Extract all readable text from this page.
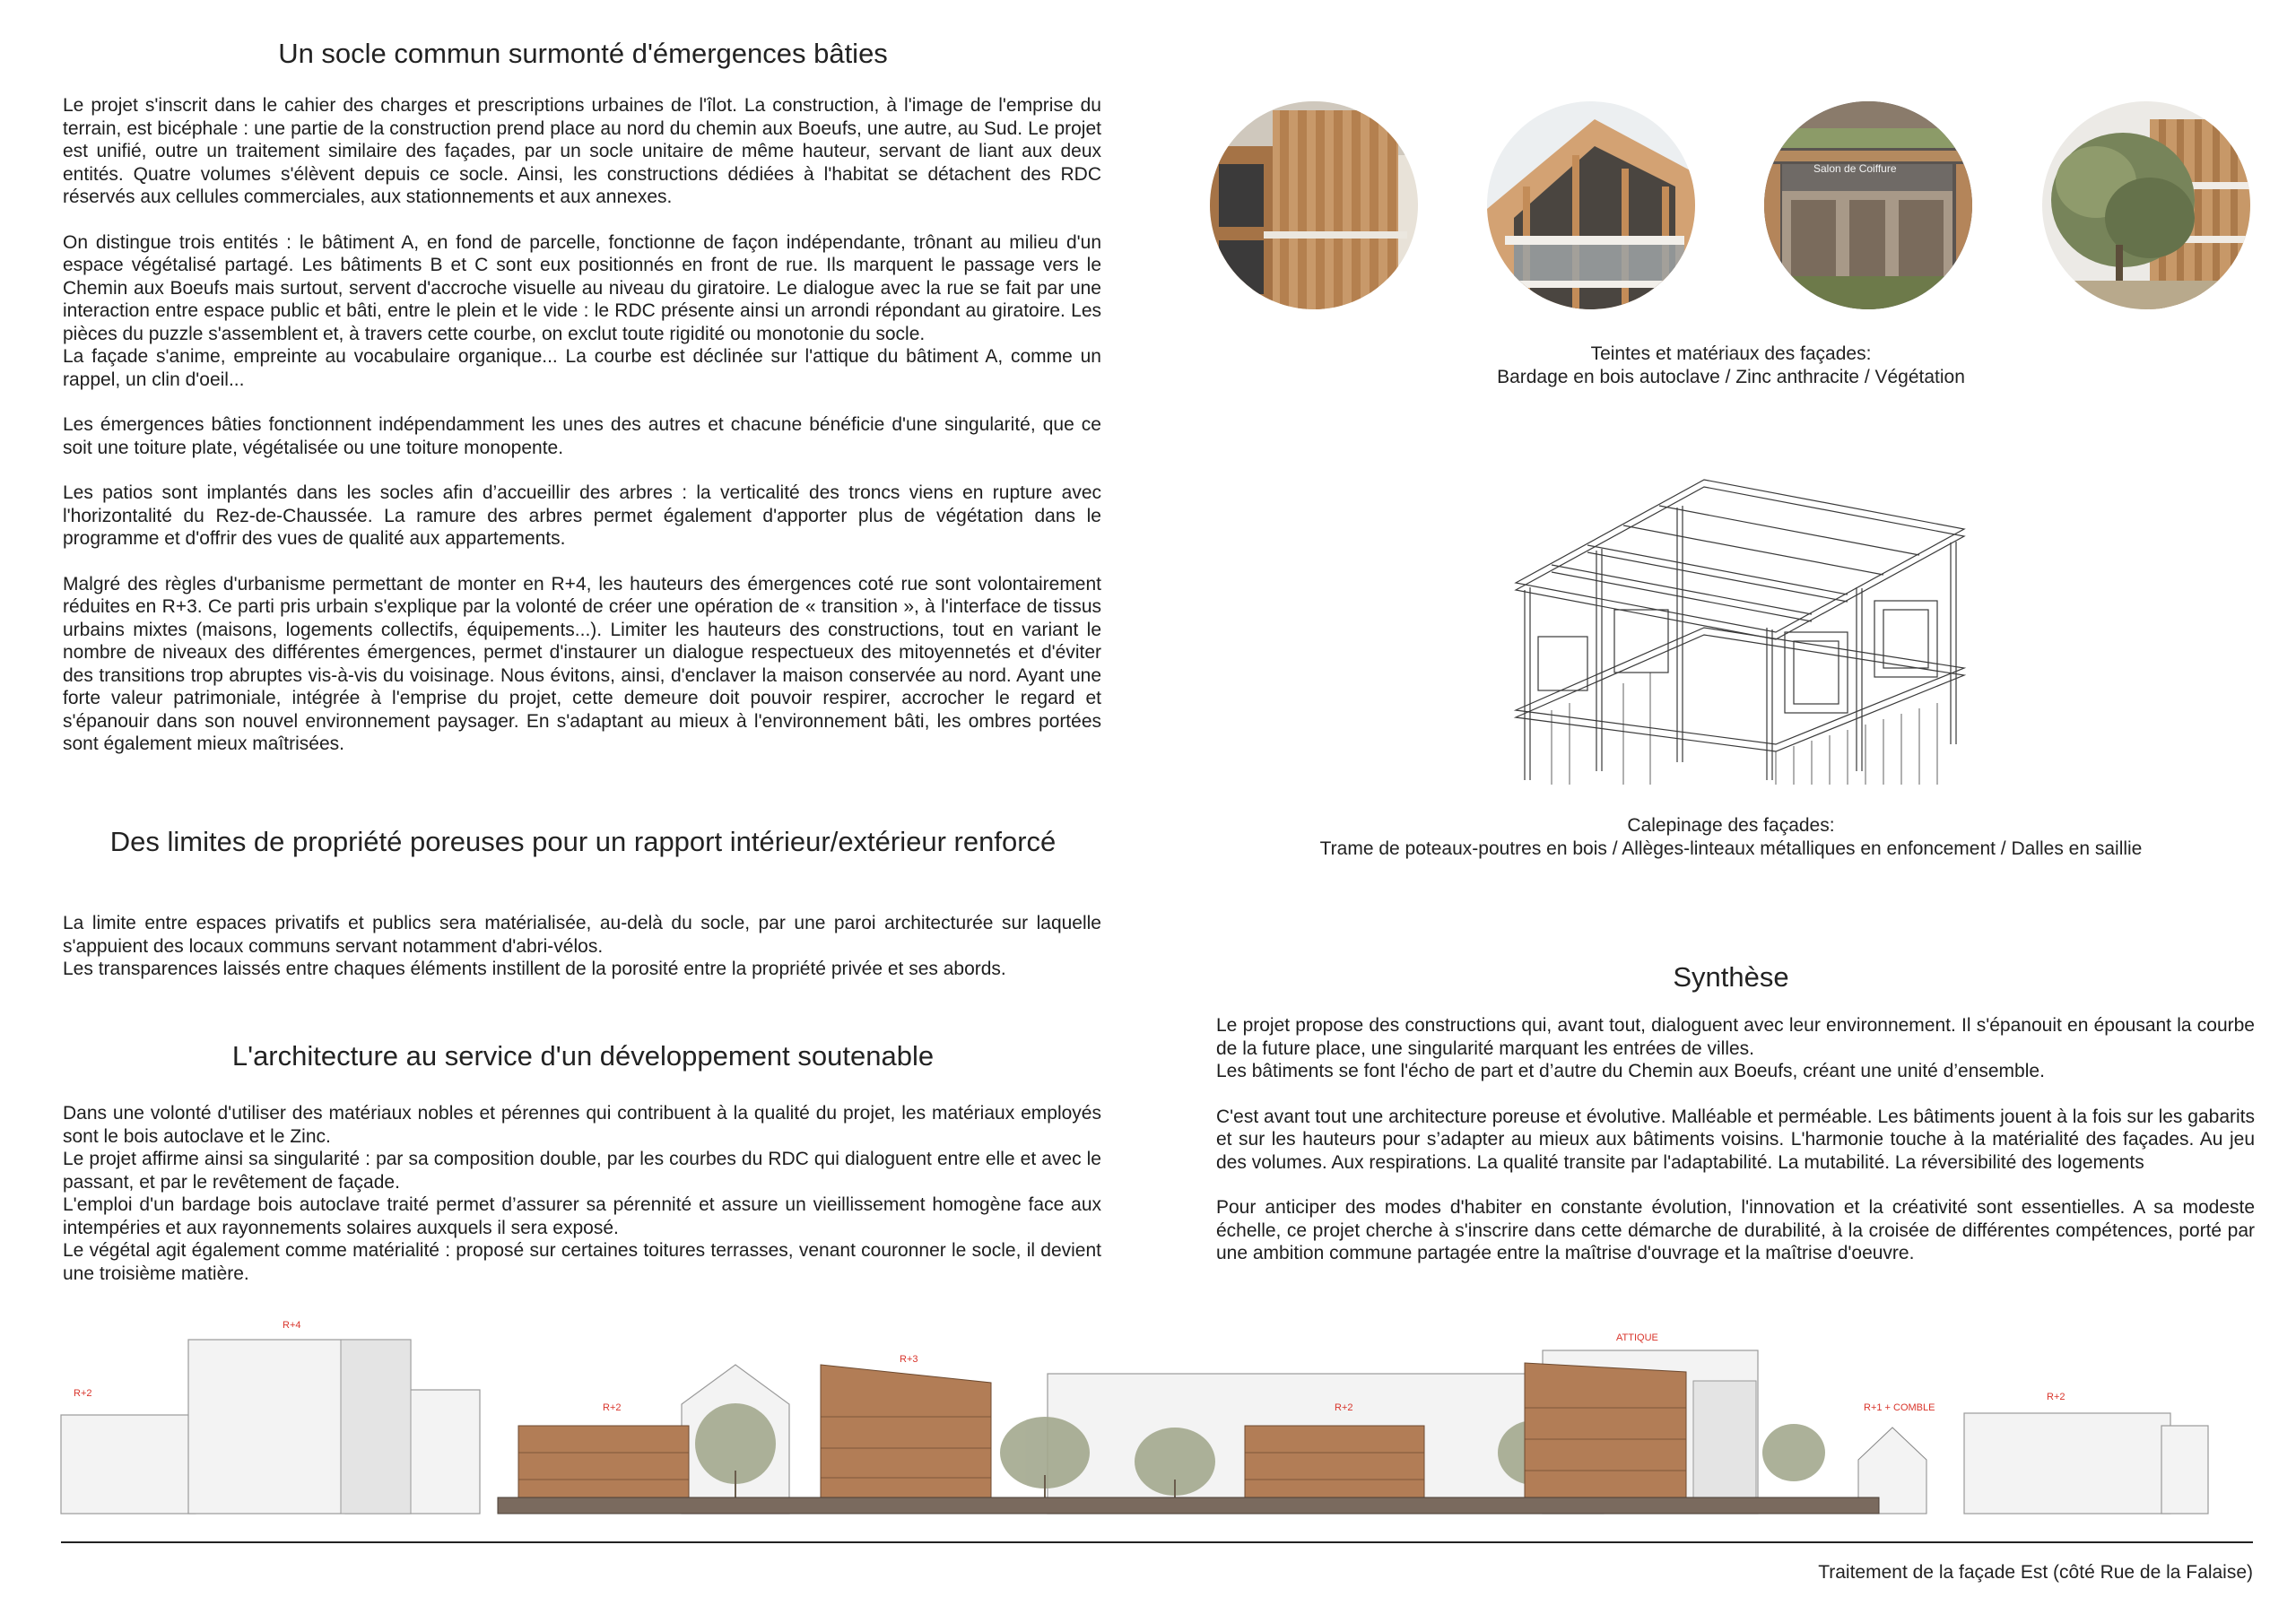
Un socle commun surmonté d'émergences bâties

Le projet s'inscrit dans le cahier des charges et prescriptions urbaines de l'îlot. La construction, à l'image de l'emprise du terrain, est bicéphale : une partie de la construction prend place au nord du chemin aux Boeufs, une autre, au Sud. Le projet est unifié, outre un traitement similaire des façades, par un socle unitaire de même hauteur, servant de liant aux deux entités. Quatre volumes s'élèvent depuis ce socle. Ainsi, les constructions dédiées à l'habitat se détachent des RDC réservés aux cellules commerciales, aux stationnements et aux annexes.

On distingue trois entités : le bâtiment A, en fond de parcelle, fonctionne de façon indépendante, trônant au milieu d'un espace végétalisé partagé. Les bâtiments B et C sont eux positionnés en front de rue. Ils marquent le passage vers le Chemin aux Boeufs mais surtout, servent d'accroche visuelle au niveau du giratoire. Le dialogue avec la rue se fait par une interaction entre espace public et bâti, entre le plein et le vide : le RDC présente ainsi un arrondi répondant au giratoire. Les pièces du puzzle s'assemblent et, à travers cette courbe, on exclut toute rigidité ou monotonie du socle.

La façade s'anime, empreinte au vocabulaire organique... La courbe est déclinée sur l'attique du bâtiment A, comme un rappel, un clin d'oeil...

Les émergences bâties fonctionnent indépendamment les unes des autres et chacune bénéficie d'une singularité, que ce soit une toiture plate, végétalisée ou une toiture monopente.

Les patios sont implantés dans les socles afin d’accueillir des arbres : la verticalité des troncs viens en rupture avec l'horizontalité du Rez-de-Chaussée. La ramure des arbres permet également d'apporter plus de végétation dans le programme et d'offrir des vues de qualité aux appartements.

Malgré des règles d'urbanisme permettant de monter en R+4, les hauteurs des émergences coté rue sont volontairement réduites en R+3. Ce parti pris urbain s'explique par la volonté de créer une opération de « transition », à l'interface de tissus urbains mixtes (maisons, logements collectifs, équipements...). Limiter les hauteurs des constructions, tout en variant le nombre de niveaux des différentes émergences, permet d'instaurer un dialogue respectueux des mitoyennetés et d'éviter des transitions trop abruptes vis-à-vis du voisinage. Nous évitons, ainsi, d'enclaver la maison conservée au nord. Ayant une forte valeur patrimoniale, intégrée à l'emprise du projet, cette demeure doit pouvoir respirer, accrocher le regard et s'épanouir dans son nouvel environnement paysager. En s'adaptant au mieux à l'environnement bâti, les ombres portées sont également mieux maîtrisées.

Des limites de propriété poreuses pour un rapport intérieur/extérieur renforcé

La limite entre espaces privatifs et publics sera matérialisée, au-delà du socle, par une paroi architecturée sur laquelle s'appuient des locaux communs servant notamment d'abri-vélos.

Les transparences laissés entre chaques éléments instillent de la porosité entre la propriété privée et ses abords.

L'architecture au service d'un développement soutenable

Dans une volonté d'utiliser des matériaux nobles et pérennes qui contribuent à la qualité du projet, les matériaux employés sont le bois autoclave et le Zinc.

Le projet affirme ainsi sa singularité : par sa composition double, par les courbes du RDC qui dialoguent entre elle et avec le passant, et par le revêtement de façade.

L'emploi d'un bardage bois autoclave traité permet d’assurer sa pérennité et assure un vieillissement homogène face aux intempéries et aux rayonnements solaires auxquels il sera exposé.

Le végétal agit également comme matérialité : proposé sur certaines toitures terrasses, venant couronner le socle, il devient une troisième matière.

Salon de Coiffure
Teintes et matériaux des façades:
Bardage en bois autoclave / Zinc anthracite / Végétation
Calepinage des façades:
Trame de poteaux-poutres en bois / Allèges-linteaux métalliques en enfoncement / Dalles en saillie
Synthèse

Le projet propose des constructions qui, avant tout, dialoguent avec leur environnement. Il s'épanouit en épousant la courbe de la future place, une singularité marquant les entrées de villes.

Les bâtiments se font l'écho de part et d’autre du Chemin aux Boeufs, créant une unité d’ensemble.

C'est avant tout une architecture poreuse et évolutive. Malléable et perméable. Les bâtiments jouent à la fois sur les gabarits et sur les hauteurs pour s’adapter au mieux aux bâtiments voisins. L'harmonie touche à la matérialité des façades. Au jeu des volumes. Aux respirations. La qualité transite par l'adaptabilité. La mutabilité. La réversibilité des logements

Pour anticiper des modes d'habiter en constante évolution, l'innovation et la créativité sont essentielles. A sa modeste échelle, ce projet cherche à s'inscrire dans cette démarche de durabilité, à la croisée de différentes compétences, porté par une ambition commune partagée entre la maîtrise d'ouvrage et la maîtrise d'oeuvre.

R+2
R+4
R+2
R+3
R+2
ATTIQUE
R+1 + COMBLE
R+2
Traitement de la façade Est (côté Rue de la Falaise)
